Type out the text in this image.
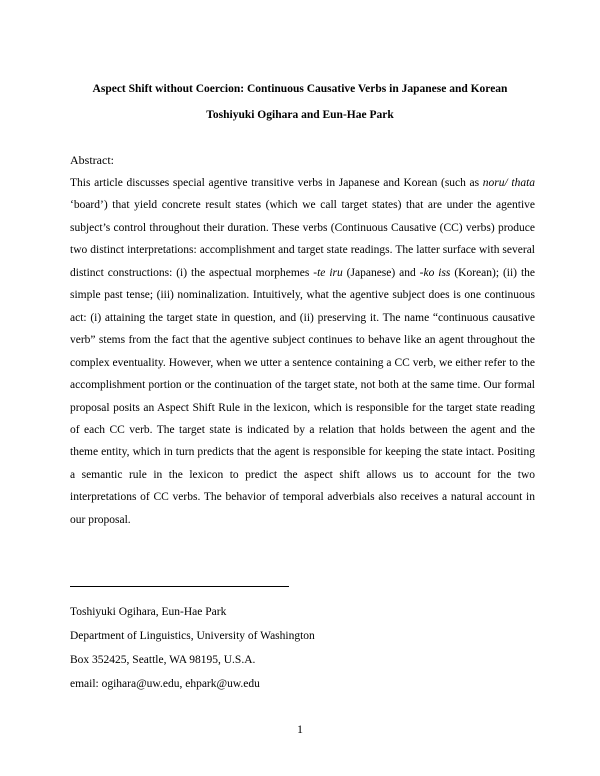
Aspect Shift without Coercion: Continuous Causative Verbs in Japanese and Korean
Toshiyuki Ogihara and Eun-Hae Park
Abstract:

This article discusses special agentive transitive verbs in Japanese and Korean (such as noru/ thata ‘board’) that yield concrete result states (which we call target states) that are under the agentive subject’s control throughout their duration. These verbs (Continuous Causative (CC) verbs) produce two distinct interpretations: accomplishment and target state readings. The latter surface with several distinct constructions: (i) the aspectual morphemes -te iru (Japanese) and -ko iss (Korean); (ii) the simple past tense; (iii) nominalization. Intuitively, what the agentive subject does is one continuous act: (i) attaining the target state in question, and (ii) preserving it. The name “continuous causative verb” stems from the fact that the agentive subject continues to behave like an agent throughout the complex eventuality. However, when we utter a sentence containing a CC verb, we either refer to the accomplishment portion or the continuation of the target state, not both at the same time. Our formal proposal posits an Aspect Shift Rule in the lexicon, which is responsible for the target state reading of each CC verb. The target state is indicated by a relation that holds between the agent and the theme entity, which in turn predicts that the agent is responsible for keeping the state intact. Positing a semantic rule in the lexicon to predict the aspect shift allows us to account for the two interpretations of CC verbs. The behavior of temporal adverbials also receives a natural account in our proposal.

Toshiyuki Ogihara, Eun-Hae Park
Department of Linguistics, University of Washington
Box 352425, Seattle, WA 98195, U.S.A.
email: ogihara@uw.edu, ehpark@uw.edu
1
